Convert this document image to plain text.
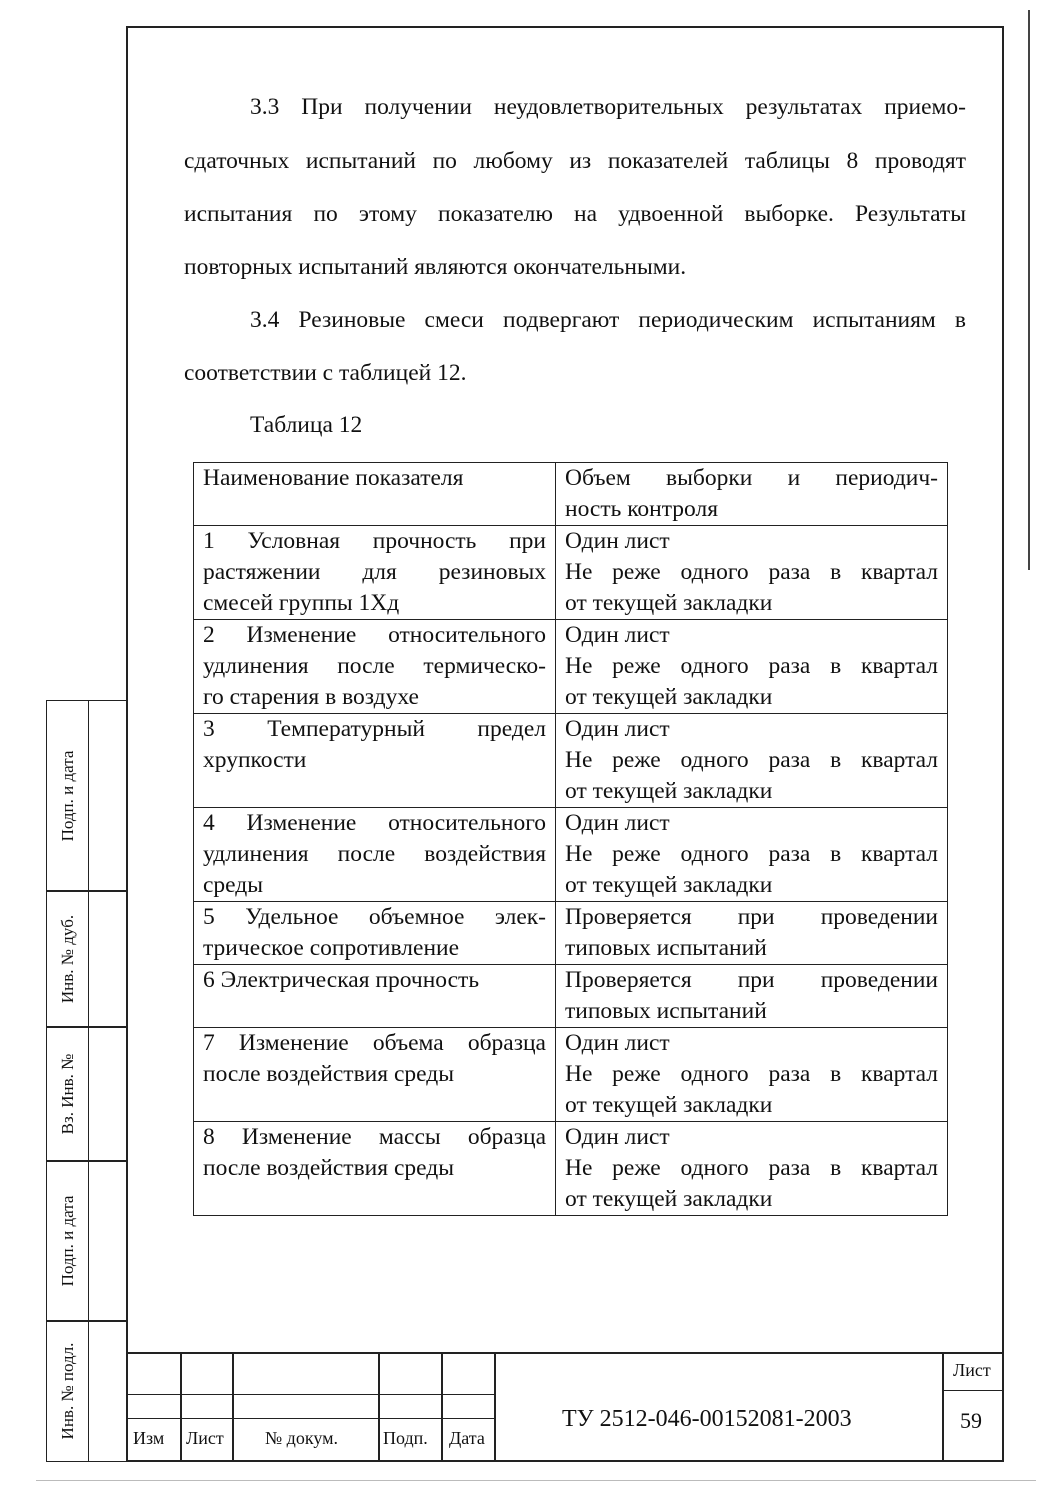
3.3 При получении неудовлетворительных результатах приемо-
сдаточных испытаний по любому из показателей таблицы 8 проводят
испытания по этому показателю на удвоенной выборке. Результаты
повторных испытаний являются окончательными.
3.4 Резиновые смеси подвергают периодическим испытаниям в
соответствии с таблицей 12.
Таблица 12
Наименование показателя	Объем выборки и периодич-
ность контроля

1 Условная прочность при
растяжении для резиновых
смесей группы 1Хд	Один лист
Не реже одного раза в квартал
от текущей закладки

2 Изменение относительного
удлинения после термическо-
го старения в воздухе	Один лист
Не реже одного раза в квартал
от текущей закладки

3 Температурный предел
хрупкости	Один лист
Не реже одного раза в квартал
от текущей закладки

4 Изменение относительного
удлинения после воздействия
среды	Один лист
Не реже одного раза в квартал
от текущей закладки

5 Удельное объемное элек-
трическое сопротивление	Проверяется при проведении
типовых испытаний

6 Электрическая прочность	Проверяется при проведении
типовых испытаний

7 Изменение объема образца
после воздействия среды	Один лист
Не реже одного раза в квартал
от текущей закладки

8 Изменение массы образца
после воздействия среды	Один лист
Не реже одного раза в квартал
от текущей закладки
Подп. и дата
Инв. № дуб.
Вз. Инв. №
Подп. и дата
Инв. № подл.	Изм Лист № докум.	Подп. Дата
ТУ 2512-046-00152081-2003
Лист
59
